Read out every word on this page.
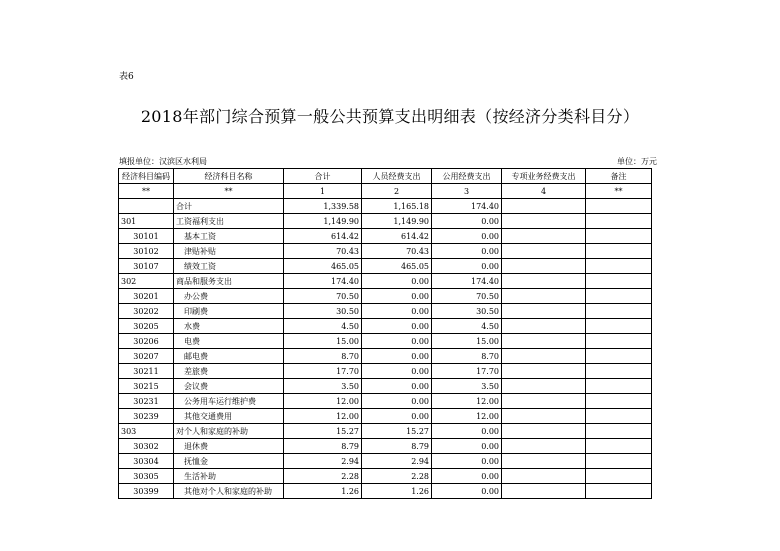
表6
2018年部门综合预算一般公共预算支出明细表（按经济分类科目分）
填报单位：汉滨区水利局	单位：万元
经济科目编码	经济科目名称	合计	人员经费支出	公用经费支出	专项业务经费支出	备注
**	**	1	2	3	4	**
	合计	1,339.58	1,165.18	174.40		
301	工资福利支出	1,149.90	1,149.90	0.00		
30101	基本工资	614.42	614.42	0.00		
30102	津贴补贴	70.43	70.43	0.00		
30107	绩效工资	465.05	465.05	0.00		
302	商品和服务支出	174.40	0.00	174.40		
30201	办公费	70.50	0.00	70.50		
30202	印刷费	30.50	0.00	30.50		
30205	水费	4.50	0.00	4.50		
30206	电费	15.00	0.00	15.00		
30207	邮电费	8.70	0.00	8.70		
30211	差旅费	17.70	0.00	17.70		
30215	会议费	3.50	0.00	3.50		
30231	公务用车运行维护费	12.00	0.00	12.00		
30239	其他交通费用	12.00	0.00	12.00		
303	对个人和家庭的补助	15.27	15.27	0.00		
30302	退休费	8.79	8.79	0.00		
30304	抚恤金	2.94	2.94	0.00		
30305	生活补助	2.28	2.28	0.00		
30399	其他对个人和家庭的补助	1.26	1.26	0.00		
